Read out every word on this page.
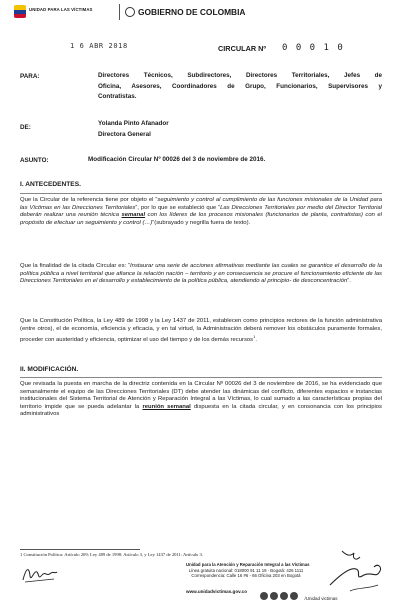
UNIDAD PARA LAS VÍCTIMAS	GOBIERNO DE COLOMBIA
1 6 ABR 2018	CIRCULAR Nº 0 0 0 1 0
PARA:	Directores Técnicos, Subdirectores, Directores Territoriales, Jefes de
Oficina, Asesores, Coordinadores de Grupo, Funcionarios, Supervisores y
Contratistas.
DE:
Yolanda Pinto Afanador
Directora General
ASUNTO:	Modificación Circular Nº 00026 del 3 de noviembre de 2016.
I. ANTECEDENTES.
Que la Circular de la referencia tiene por objeto el “seguimiento y control al cumplimiento de las funciones misionales de la Unidad para las Víctimas en las Direcciones Territoriales”, por lo que se estableció que “Las Direcciones Territoriales por medio del Director Territorial deberán realizar una reunión técnica semanal con los líderes de los procesos misionales (funcionarios de planta, contratistas) con el propósito de efectuar un seguimiento y control (…)”(subrayado y negrilla fuera de texto).
Que la finalidad de la citada Circular es: “Instaurar una serie de acciones afirmativas mediante las cuales se garantice el desarrollo de la política pública a nivel territorial que afiance la relación nación – territorio y en consecuencia se procure el funcionamiento eficiente de las Direcciones Territoriales en el desarrollo y establecimiento de la política pública, atendiendo al principio- de desconcentración”.
Que la Constitución Política, la Ley 489 de 1998 y la Ley 1437 de 2011, establecen como principios rectores de la función administrativa (entre otros), el de economía, eficiencia y eficacia, y en tal virtud, la Administración deberá remover los obstáculos puramente formales, proceder con austeridad y eficiencia, optimizar el uso del tiempo y de los demás recursos$^1$.
II. MODIFICACIÓN.
Que revisada la puesta en marcha de la directriz contenida en la Circular Nº 00026 del 3 de noviembre de 2016, se ha evidenciado que semanalmente el equipo de las Direcciones Territoriales (DT) debe atender las dinámicas del conflicto, diferentes espacios e instancias institucionales del Sistema Territorial de Atención y Reparación Integral a las Víctimas, lo cual sumado a las características propias del territorio impide que se pueda adelantar la reunión semanal dispuesta en la citada circular, y en consonancia con los principios administrativos
1 Constitución Política: Artículo 209; Ley 489 de 1998: Artículo 3, y Ley 1437 de 2011: Artículo 3.
Unidad para la Atención y Reparación Integral a las Víctimas
Línea gratuita nacional: 018000 91 11 19 · Bogotá: 426 1111
Correspondencia: Calle 16 #6 - 66 Oficina 203 en Bogotá
www.unidadvictimas.gov.co
/Unidad victimas
